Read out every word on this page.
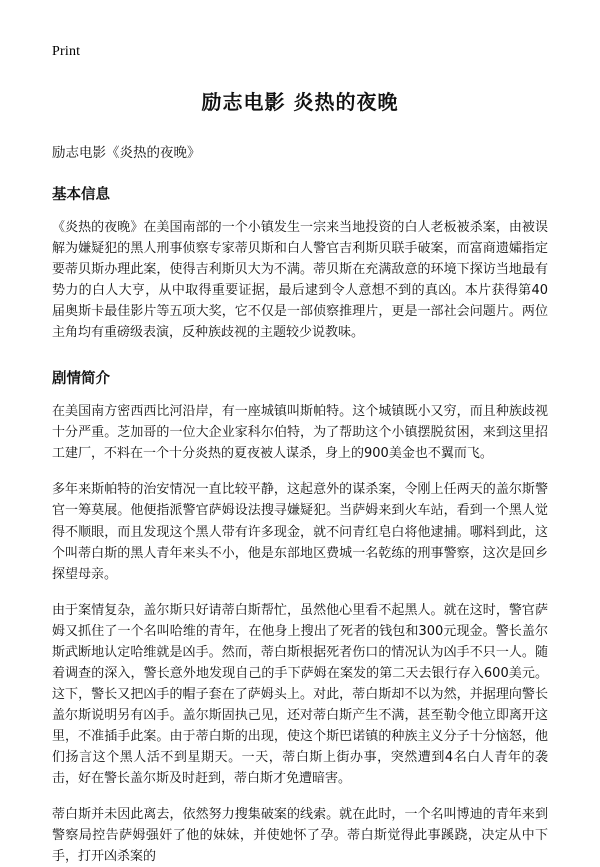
Print
励志电影 炎热的夜晚
励志电影《炎热的夜晚》
基本信息

《炎热的夜晚》在美国南部的一个小镇发生一宗来当地投资的白人老板被杀案，由被误解为嫌疑犯的黑人刑事侦察专家蒂贝斯和白人警官吉利斯贝联手破案，而富商遗孀指定要蒂贝斯办理此案，使得吉利斯贝大为不满。蒂贝斯在充满敌意的环境下探访当地最有势力的白人大亨，从中取得重要证据，最后逮到令人意想不到的真凶。本片获得第40届奥斯卡最佳影片等五项大奖，它不仅是一部侦察推理片，更是一部社会问题片。两位主角均有重磅级表演，反种族歧视的主题较少说教味。

剧情简介

在美国南方密西西比河沿岸，有一座城镇叫斯帕特。这个城镇既小又穷，而且种族歧视十分严重。芝加哥的一位大企业家科尔伯特，为了帮助这个小镇摆脱贫困，来到这里招工建厂，不料在一个十分炎热的夏夜被人谋杀，身上的900美金也不翼而飞。

多年来斯帕特的治安情况一直比较平静，这起意外的谋杀案，令刚上任两天的盖尔斯警官一筹莫展。他便指派警官萨姆设法搜寻嫌疑犯。当萨姆来到火车站，看到一个黑人觉得不顺眼，而且发现这个黑人带有许多现金，就不问青红皂白将他逮捕。哪料到此，这个叫蒂白斯的黑人青年来头不小，他是东部地区费城一名乾练的刑事警察，这次是回乡探望母亲。

由于案情复杂，盖尔斯只好请蒂白斯帮忙，虽然他心里看不起黑人。就在这时，警官萨姆又抓住了一个名叫哈维的青年，在他身上搜出了死者的钱包和300元现金。警长盖尔斯武断地认定哈维就是凶手。然而，蒂白斯根据死者伤口的情况认为凶手不只一人。随着调查的深入，警长意外地发现自己的手下萨姆在案发的第二天去银行存入600美元。这下，警长又把凶手的帽子套在了萨姆头上。对此，蒂白斯却不以为然，并据理向警长盖尔斯说明另有凶手。盖尔斯固执己见，还对蒂白斯产生不满，甚至勒令他立即离开这里，不准插手此案。由于蒂白斯的出现，使这个斯巴诺镇的种族主义分子十分恼怒，他们扬言这个黑人活不到星期天。一天，蒂白斯上街办事，突然遭到4名白人青年的袭击，好在警长盖尔斯及时赶到，蒂白斯才免遭暗害。

蒂白斯并未因此离去，依然努力搜集破案的线索。就在此时，一个名叫博迪的青年来到警察局控告萨姆强奸了他的妹妹，并使她怀了孕。蒂白斯觉得此事蹊跷，决定从中下手，打开凶杀案的
